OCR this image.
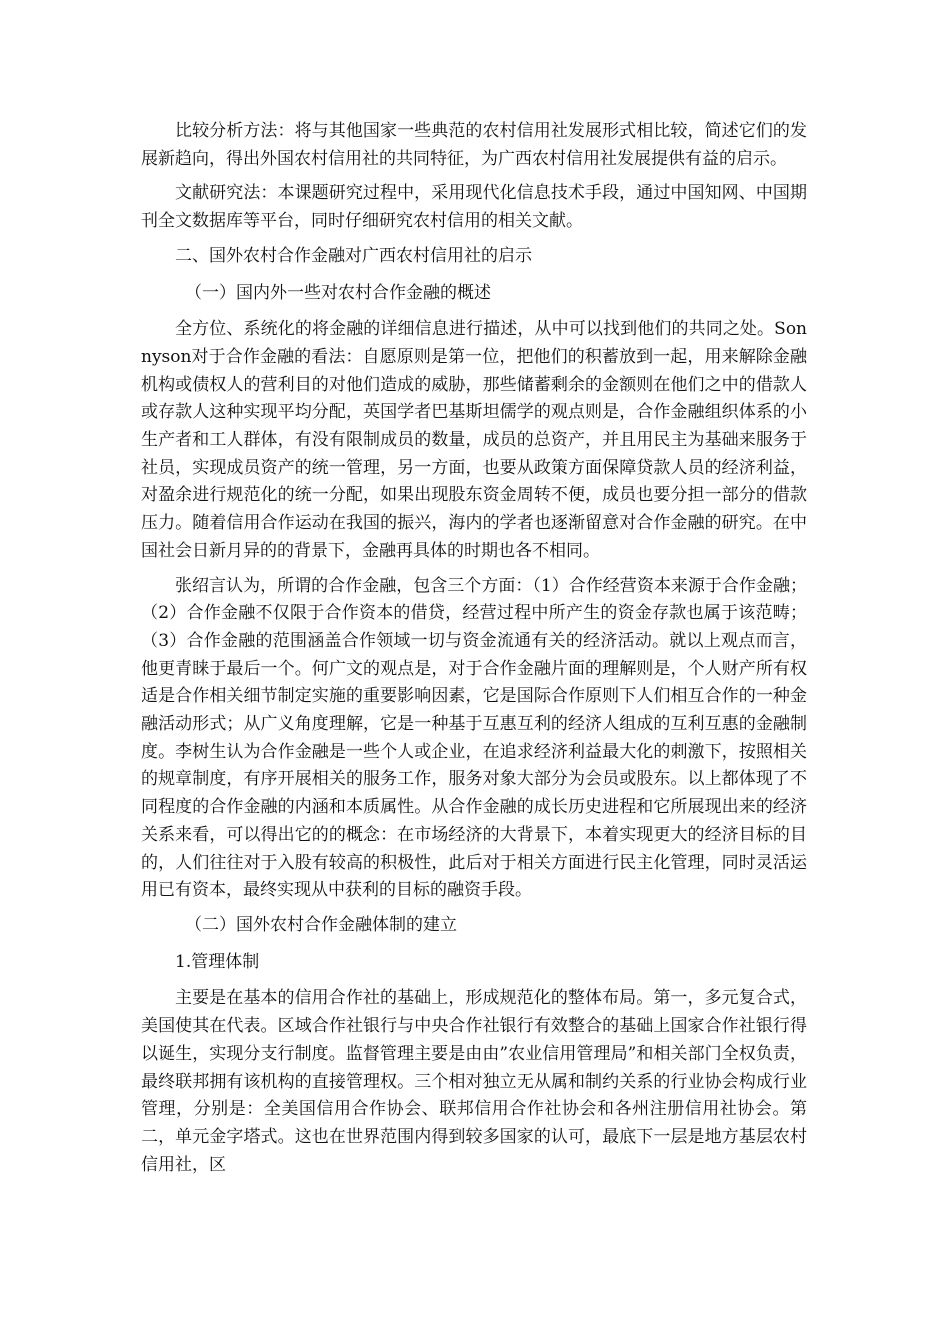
比较分析方法：将与其他国家一些典范的农村信用社发展形式相比较，简述它们的发展新趋向，得出外国农村信用社的共同特征，为广西农村信用社发展提供有益的启示。

文献研究法：本课题研究过程中，采用现代化信息技术手段，通过中国知网、中国期刊全文数据库等平台，同时仔细研究农村信用的相关文献。

二、国外农村合作金融对广西农村信用社的启示

（一）国内外一些对农村合作金融的概述

全方位、系统化的将金融的详细信息进行描述，从中可以找到他们的共同之处。Sonnyson对于合作金融的看法：自愿原则是第一位，把他们的积蓄放到一起，用来解除金融机构或债权人的营利目的对他们造成的威胁，那些储蓄剩余的金额则在他们之中的借款人或存款人这种实现平均分配，英国学者巴基斯坦儒学的观点则是，合作金融组织体系的小生产者和工人群体，有没有限制成员的数量，成员的总资产，并且用民主为基础来服务于社员，实现成员资产的统一管理，另一方面，也要从政策方面保障贷款人员的经济利益，对盈余进行规范化的统一分配，如果出现股东资金周转不便，成员也要分担一部分的借款压力。随着信用合作运动在我国的振兴，海内的学者也逐渐留意对合作金融的研究。在中国社会日新月异的的背景下，金融再具体的时期也各不相同。

张绍言认为，所谓的合作金融，包含三个方面：（1）合作经营资本来源于合作金融；（2）合作金融不仅限于合作资本的借贷，经营过程中所产生的资金存款也属于该范畴；（3）合作金融的范围涵盖合作领域一切与资金流通有关的经济活动。就以上观点而言，他更青睐于最后一个。何广文的观点是，对于合作金融片面的理解则是，个人财产所有权适是合作相关细节制定实施的重要影响因素，它是国际合作原则下人们相互合作的一种金融活动形式；从广义角度理解，它是一种基于互惠互利的经济人组成的互利互惠的金融制度。李树生认为合作金融是一些个人或企业，在追求经济利益最大化的刺激下，按照相关的规章制度，有序开展相关的服务工作，服务对象大部分为会员或股东。以上都体现了不同程度的合作金融的内涵和本质属性。从合作金融的成长历史进程和它所展现出来的经济关系来看，可以得出它的的概念：在市场经济的大背景下，本着实现更大的经济目标的目的，人们往往对于入股有较高的积极性，此后对于相关方面进行民主化管理，同时灵活运用已有资本，最终实现从中获利的目标的融资手段。

（二）国外农村合作金融体制的建立

1.管理体制

主要是在基本的信用合作社的基础上，形成规范化的整体布局。第一，多元复合式，美国使其在代表。区域合作社银行与中央合作社银行有效整合的基础上国家合作社银行得以诞生，实现分支行制度。监督管理主要是由由”农业信用管理局”和相关部门全权负责，最终联邦拥有该机构的直接管理权。三个相对独立无从属和制约关系的行业协会构成行业管理，分别是：全美国信用合作协会、联邦信用合作社协会和各州注册信用社协会。第二，单元金字塔式。这也在世界范围内得到较多国家的认可，最底下一层是地方基层农村信用社，区
